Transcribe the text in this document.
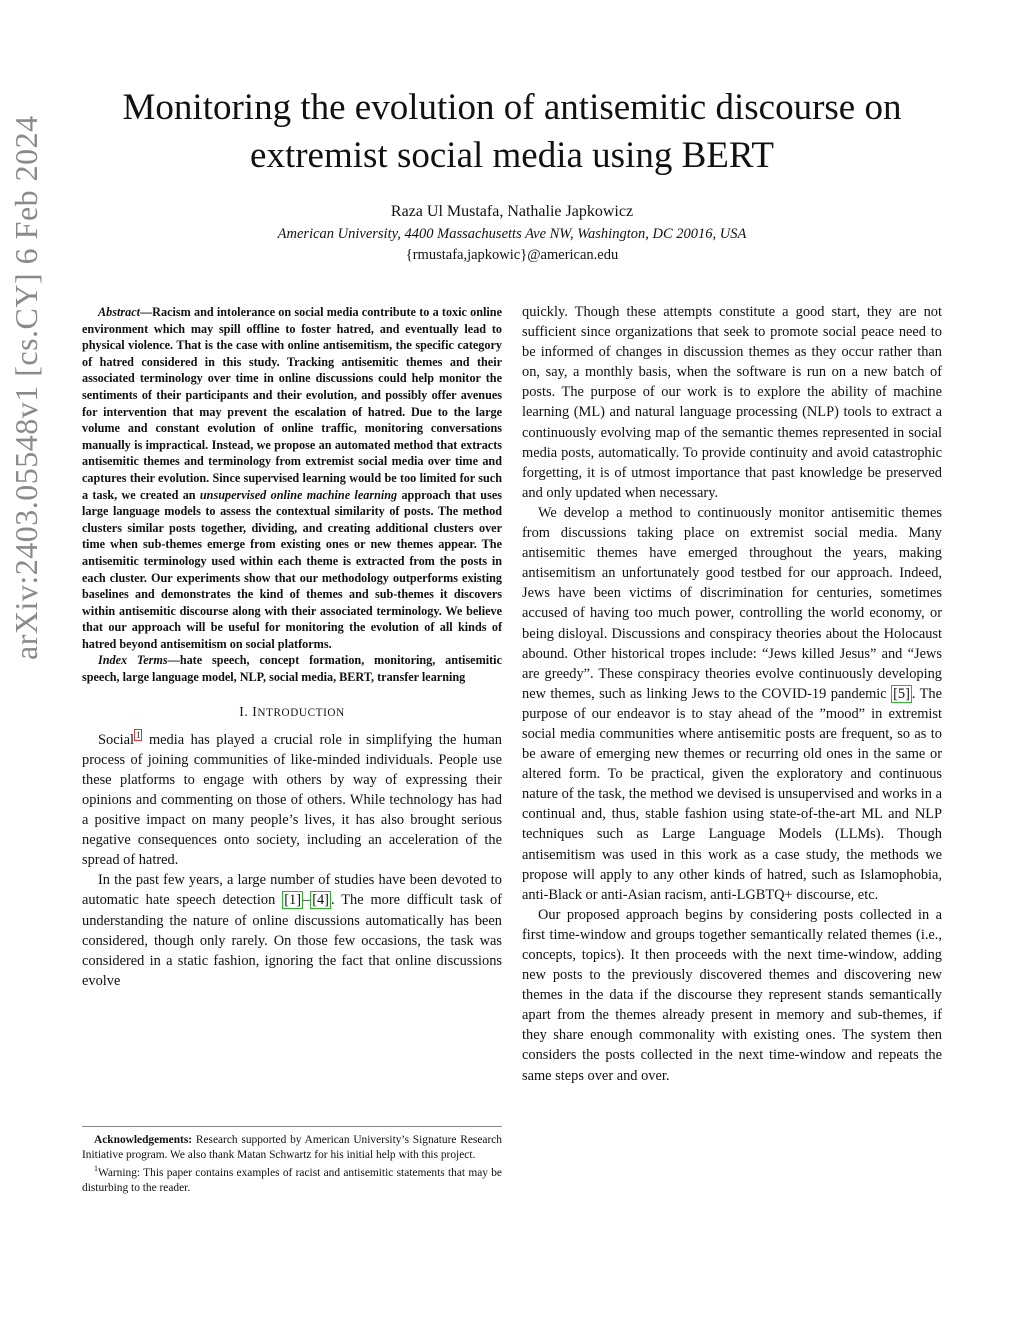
arXiv:2403.05548v1 [cs.CY] 6 Feb 2024
Monitoring the evolution of antisemitic discourse on extremist social media using BERT
Raza Ul Mustafa, Nathalie Japkowicz
American University, 4400 Massachusetts Ave NW, Washington, DC 20016, USA
{rmustafa,japkowic}@american.edu

Abstract—Racism and intolerance on social media contribute to a toxic online environment which may spill offline to foster hatred, and eventually lead to physical violence. That is the case with online antisemitism, the specific category of hatred considered in this study. Tracking antisemitic themes and their associated terminology over time in online discussions could help monitor the sentiments of their participants and their evolution, and possibly offer avenues for intervention that may prevent the escalation of hatred. Due to the large volume and constant evolution of online traffic, monitoring conversations manually is impractical. Instead, we propose an automated method that extracts antisemitic themes and terminology from extremist social media over time and captures their evolution. Since supervised learning would be too limited for such a task, we created an unsupervised online machine learning approach that uses large language models to assess the contextual similarity of posts. The method clusters similar posts together, dividing, and creating additional clusters over time when sub-themes emerge from existing ones or new themes appear. The antisemitic terminology used within each theme is extracted from the posts in each cluster. Our experiments show that our methodology outperforms existing baselines and demonstrates the kind of themes and sub-themes it discovers within antisemitic discourse along with their associated terminology. We believe that our approach will be useful for monitoring the evolution of all kinds of hatred beyond antisemitism on social platforms.

Index Terms—hate speech, concept formation, monitoring, antisemitic speech, large language model, NLP, social media, BERT, transfer learning

I. INTRODUCTION

Social $^1$ media has played a crucial role in simplifying the human process of joining communities of like-minded individuals. People use these platforms to engage with others by way of expressing their opinions and commenting on those of others. While technology has had a positive impact on many people’s lives, it has also brought serious negative consequences onto society, including an acceleration of the spread of hatred.

In the past few years, a large number of studies have been devoted to automatic hate speech detection [1] – [4] . The more difficult task of understanding the nature of online discussions automatically has been considered, though only rarely. On those few occasions, the task was considered in a static fashion, ignoring the fact that online discussions evolve

quickly. Though these attempts constitute a good start, they are not sufficient since organizations that seek to promote social peace need to be informed of changes in discussion themes as they occur rather than on, say, a monthly basis, when the software is run on a new batch of posts. The purpose of our work is to explore the ability of machine learning (ML) and natural language processing (NLP) tools to extract a continuously evolving map of the semantic themes represented in social media posts, automatically. To provide continuity and avoid catastrophic forgetting, it is of utmost importance that past knowledge be preserved and only updated when necessary.

We develop a method to continuously monitor antisemitic themes from discussions taking place on extremist social media. Many antisemitic themes have emerged throughout the years, making antisemitism an unfortunately good testbed for our approach. Indeed, Jews have been victims of discrimination for centuries, sometimes accused of having too much power, controlling the world economy, or being disloyal. Discussions and conspiracy theories about the Holocaust abound. Other historical tropes include: “Jews killed Jesus” and “Jews are greedy”. These conspiracy theories evolve continuously developing new themes, such as linking Jews to the COVID-19 pandemic [5] . The purpose of our endeavor is to stay ahead of the ”mood” in extremist social media communities where antisemitic posts are frequent, so as to be aware of emerging new themes or recurring old ones in the same or altered form. To be practical, given the exploratory and continuous nature of the task, the method we devised is unsupervised and works in a continual and, thus, stable fashion using state-of-the-art ML and NLP techniques such as Large Language Models (LLMs). Though antisemitism was used in this work as a case study, the methods we propose will apply to any other kinds of hatred, such as Islamophobia, anti-Black or anti-Asian racism, anti-LGBTQ+ discourse, etc.

Our proposed approach begins by considering posts collected in a first time-window and groups together semantically related themes (i.e., concepts, topics). It then proceeds with the next time-window, adding new posts to the previously discovered themes and discovering new themes in the data if the discourse they represent stands semantically apart from the themes already present in memory and sub-themes, if they share enough commonality with existing ones. The system then considers the posts collected in the next time-window and repeats the same steps over and over.

Acknowledgements: Research supported by American University’s Signature Research Initiative program. We also thank Matan Schwartz for his initial help with this project.

$^1$Warning: This paper contains examples of racist and antisemitic statements that may be disturbing to the reader.
